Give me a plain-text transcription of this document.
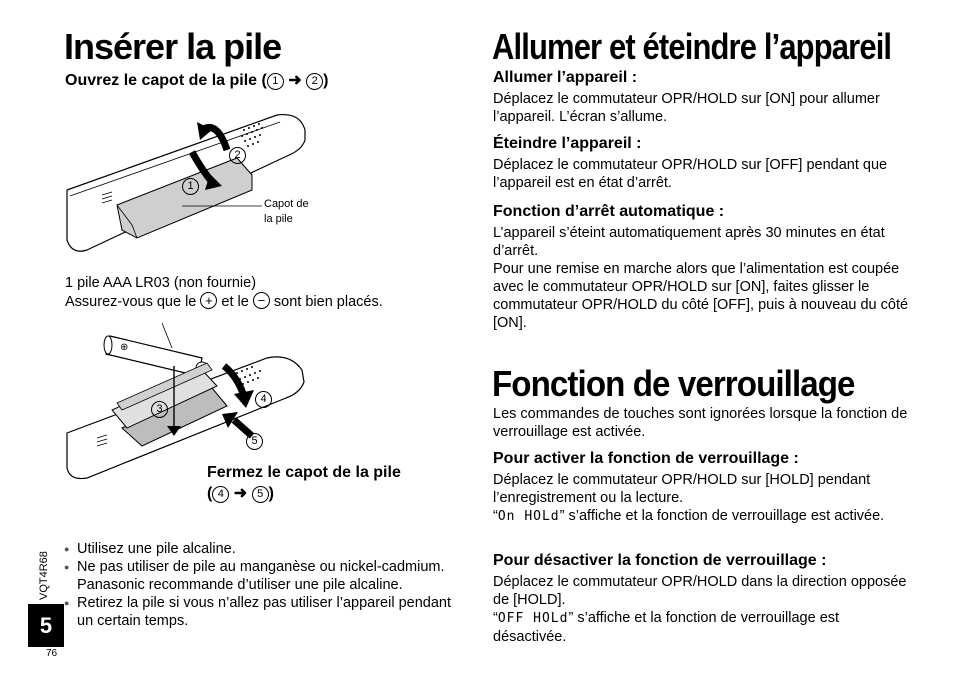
Insérer la pile
Ouvrez le capot de la pile ( 1 ➜ 2 )
2
1
Capot de
la pile

1 pile AAA LR03 (non fournie)

Assurez-vous que le + et le − sont bien placés.

⊕
3
4
5
Fermez le capot de la pile
( 4 ➜ 5 )
● Utilisez une pile alcaline.
● Ne pas utiliser de pile au manganèse ou nickel-cadmium. Panasonic recommande d’utiliser une pile alcaline.
● Retirez la pile si vous n’allez pas utiliser l’appareil pendant un certain temps.
VQT4R68
5
76
Allumer et éteindre l’appareil

Allumer l’appareil :

Déplacez le commutateur OPR/HOLD sur [ON] pour allumer l’appareil. L’écran s’allume.

Éteindre l’appareil :

Déplacez le commutateur OPR/HOLD sur [OFF] pendant que l’appareil est en état d’arrêt.

Fonction d’arrêt automatique :

L’appareil s’éteint automatiquement après 30 minutes en état d’arrêt.

Pour une remise en marche alors que l’alimentation est coupée avec le commutateur OPR/HOLD sur [ON], faites glisser le commutateur OPR/HOLD du côté [OFF], puis à nouveau du côté [ON].

Fonction de verrouillage

Les commandes de touches sont ignorées lorsque la fonction de verrouillage est activée.

Pour activer la fonction de verrouillage :

Déplacez le commutateur OPR/HOLD sur [HOLD] pendant l’enregistrement ou la lecture.

“On HOLd” s’affiche et la fonction de verrouillage est activée.

Pour désactiver la fonction de verrouillage :

Déplacez le commutateur OPR/HOLD dans la direction opposée de [HOLD].

“OFF HOLd” s’affiche et la fonction de verrouillage est désactivée.
